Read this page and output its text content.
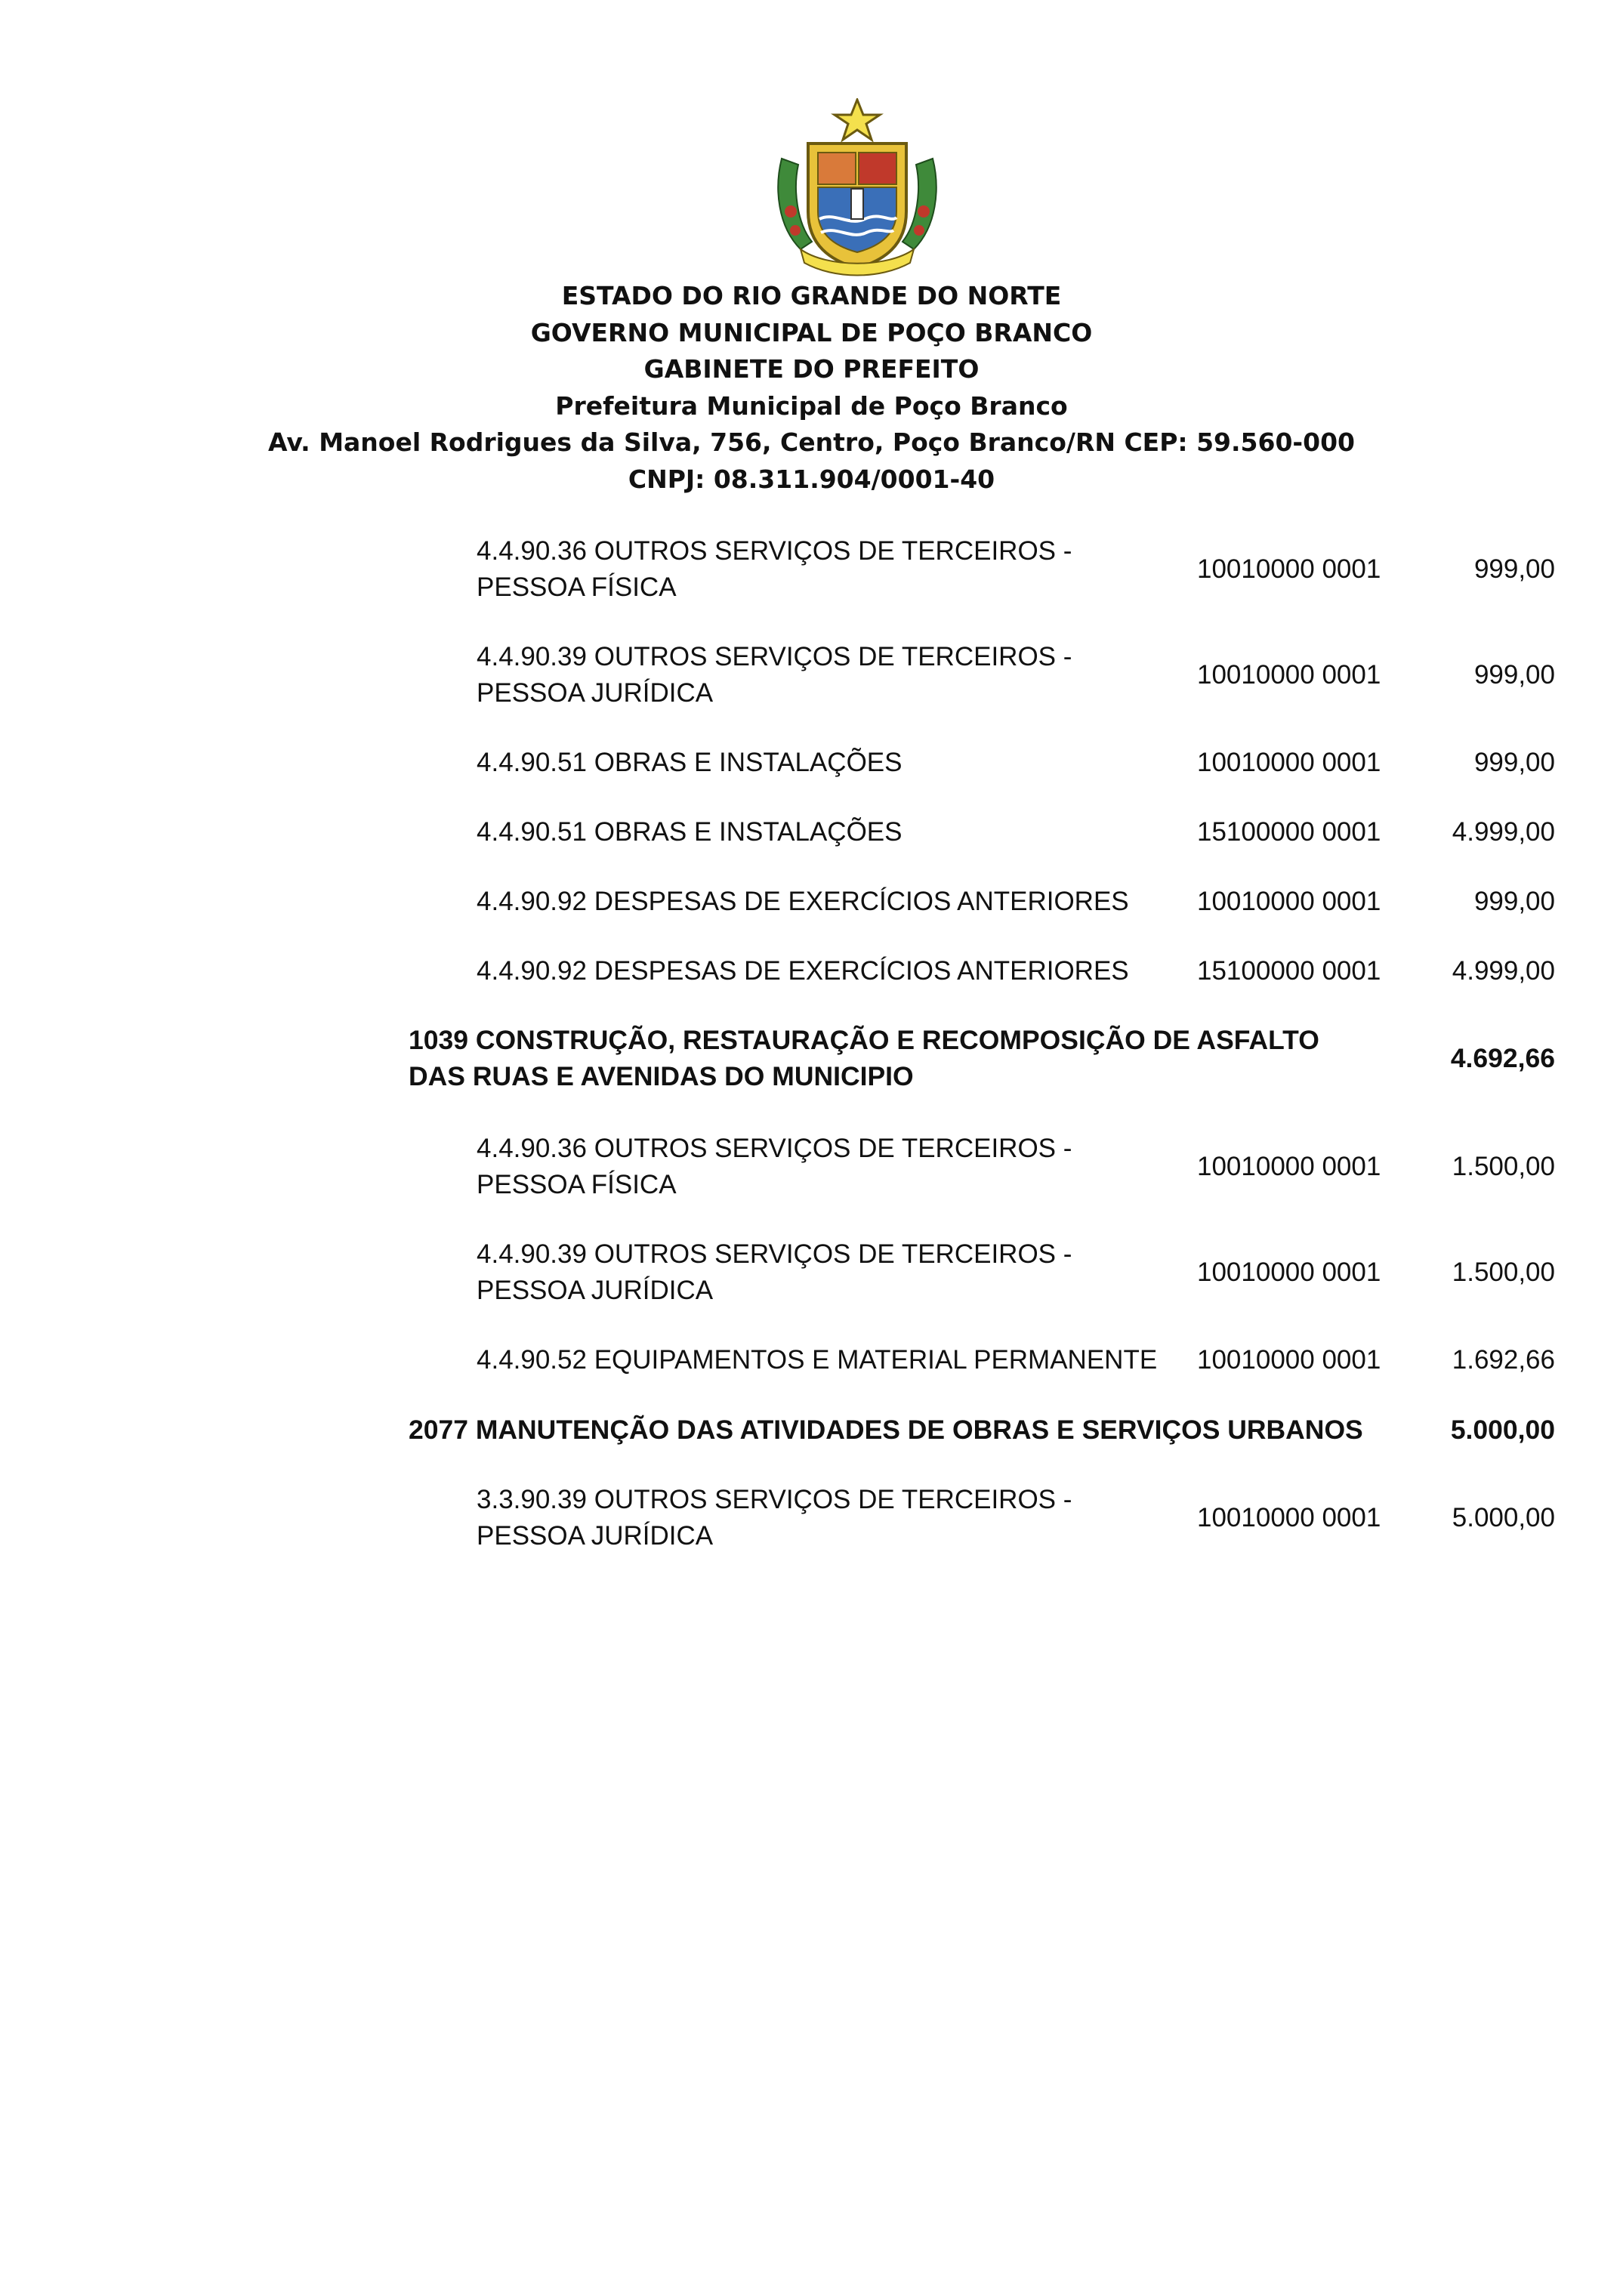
ESTADO DO RIO GRANDE DO NORTE
GOVERNO MUNICIPAL DE POÇO BRANCO
GABINETE DO PREFEITO
Prefeitura Municipal de Poço Branco
Av. Manoel Rodrigues da Silva, 756, Centro, Poço Branco/RN CEP: 59.560-000
CNPJ: 08.311.904/0001-40
4.4.90.36 OUTROS SERVIÇOS DE TERCEIROS -
PESSOA FÍSICA
10010000 0001	999,00
4.4.90.39 OUTROS SERVIÇOS DE TERCEIROS -
PESSOA JURÍDICA
10010000 0001	999,00
4.4.90.51 OBRAS E INSTALAÇÕES	10010000 0001	999,00
4.4.90.51 OBRAS E INSTALAÇÕES	15100000 0001	4.999,00
4.4.90.92 DESPESAS DE EXERCÍCIOS ANTERIORES	10010000 0001	999,00
4.4.90.92 DESPESAS DE EXERCÍCIOS ANTERIORES	15100000 0001	4.999,00
1039 CONSTRUÇÃO, RESTAURAÇÃO E RECOMPOSIÇÃO DE ASFALTO
DAS RUAS E AVENIDAS DO MUNICIPIO
4.692,66
4.4.90.36 OUTROS SERVIÇOS DE TERCEIROS -
PESSOA FÍSICA
10010000 0001	1.500,00
4.4.90.39 OUTROS SERVIÇOS DE TERCEIROS -
PESSOA JURÍDICA
10010000 0001	1.500,00
4.4.90.52 EQUIPAMENTOS E MATERIAL PERMANENTE	10010000 0001	1.692,66
2077 MANUTENÇÃO DAS ATIVIDADES DE OBRAS E SERVIÇOS URBANOS	5.000,00
3.3.90.39 OUTROS SERVIÇOS DE TERCEIROS -
PESSOA JURÍDICA
10010000 0001	5.000,00
